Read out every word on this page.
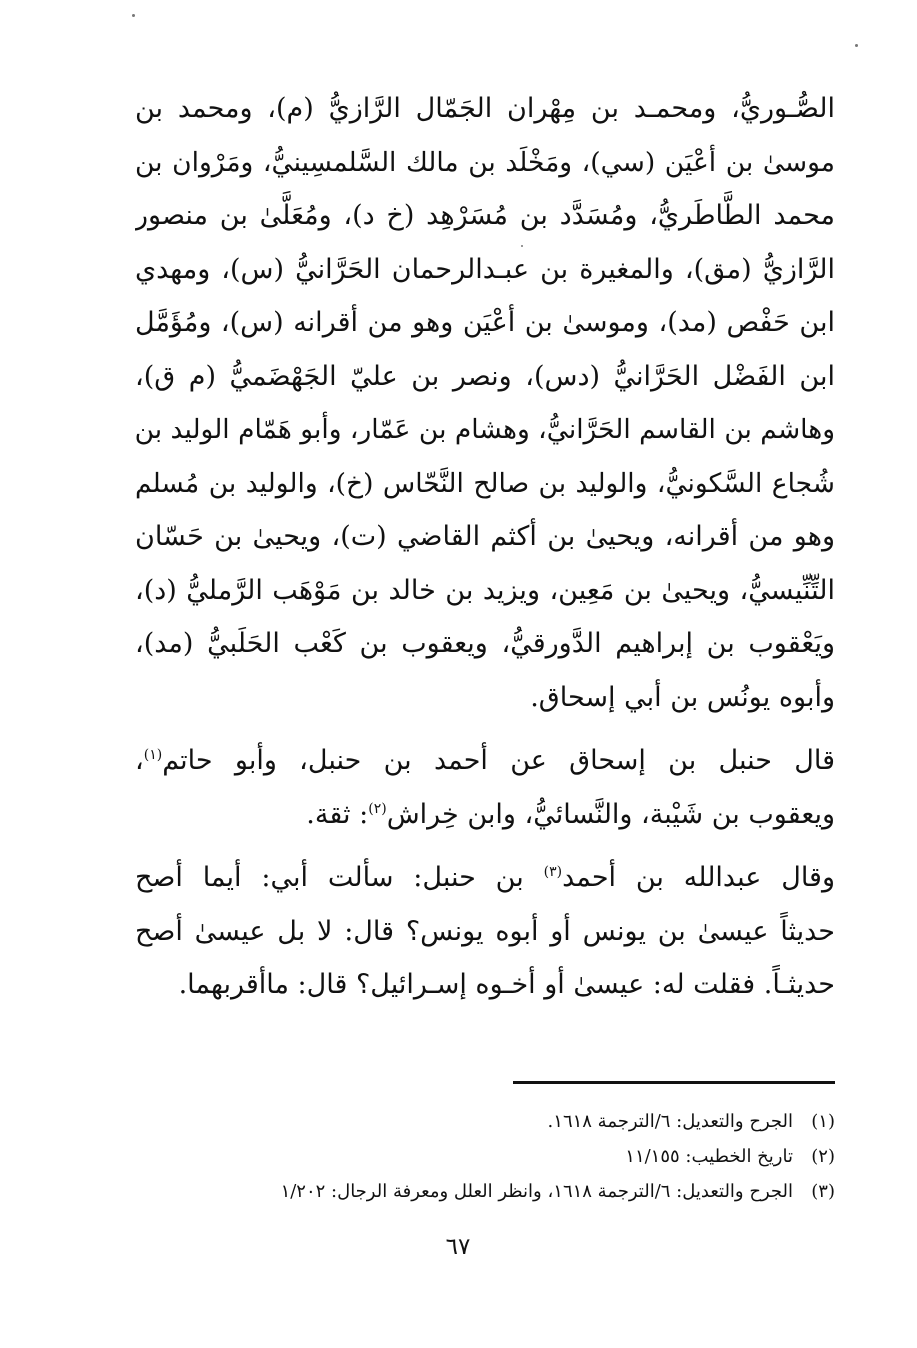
الصُّـوريُّ، ومحمـد بن مِهْران الجَمّال الرَّازيُّ (م)، ومحمد بن
موسىٰ بن أعْيَن (سي)، ومَخْلَد بن مالك السَّلمسِينيُّ، ومَرْوان بن
محمد الطَّاطَريُّ، ومُسَدَّد بن مُسَرْهِد (خ د)، ومُعَلَّىٰ بن منصور
الرَّازيُّ (مق)، والمغيرة بن عبـدالرحمان الحَرَّانيُّ (س)، ومهدي
ابن حَفْص (مد)، وموسىٰ بن أعْيَن وهو من أقرانه (س)، ومُؤَمَّل
ابن الفَضْل الحَرَّانيُّ (دس)، ونصر بن عليّ الجَهْضَميُّ (م ق)،
وهاشم بن القاسم الحَرَّانيُّ، وهشام بن عَمّار، وأبو هَمّام الوليد بن
شُجاع السَّكونيُّ، والوليد بن صالح النَّحّاس (خ)، والوليد بن مُسلم
وهو من أقرانه، ويحيىٰ بن أكثم القاضي (ت)، ويحيىٰ بن حَسّان
التِّنِّيسيُّ، ويحيىٰ بن مَعِين، ويزيد بن خالد بن مَوْهَب الرَّمليُّ (د)،
ويَعْقوب بن إبراهيم الدَّورقيُّ، ويعقوب بن كَعْب الحَلَبيُّ (مد)،
وأبوه يونُس بن أبي إسحاق.
قال حنبل بن إسحاق عن أحمد بن حنبل، وأبو حاتم$^{(١)}$،
ويعقوب بن شَيْبة، والنَّسائيُّ، وابن خِراش$^{(٢)}$: ثقة.
وقال عبدالله بن أحمد$^{(٣)}$ بن حنبل: سألت أبي: أيما أصح
حديثاً عيسىٰ بن يونس أو أبوه يونس؟ قال: لا بل عيسىٰ أصح
حديثـاً. فقلت له: عيسىٰ أو أخـوه إسـرائيل؟ قال: ماأقربهما.
(١)
الجرح والتعديل: ٦/الترجمة ١٦١٨.
(٢)
تاريخ الخطيب: ١١/١٥٥
(٣)
الجرح والتعديل: ٦/الترجمة ١٦١٨، وانظر العلل ومعرفة الرجال: ١/٢٠٢
٦٧
